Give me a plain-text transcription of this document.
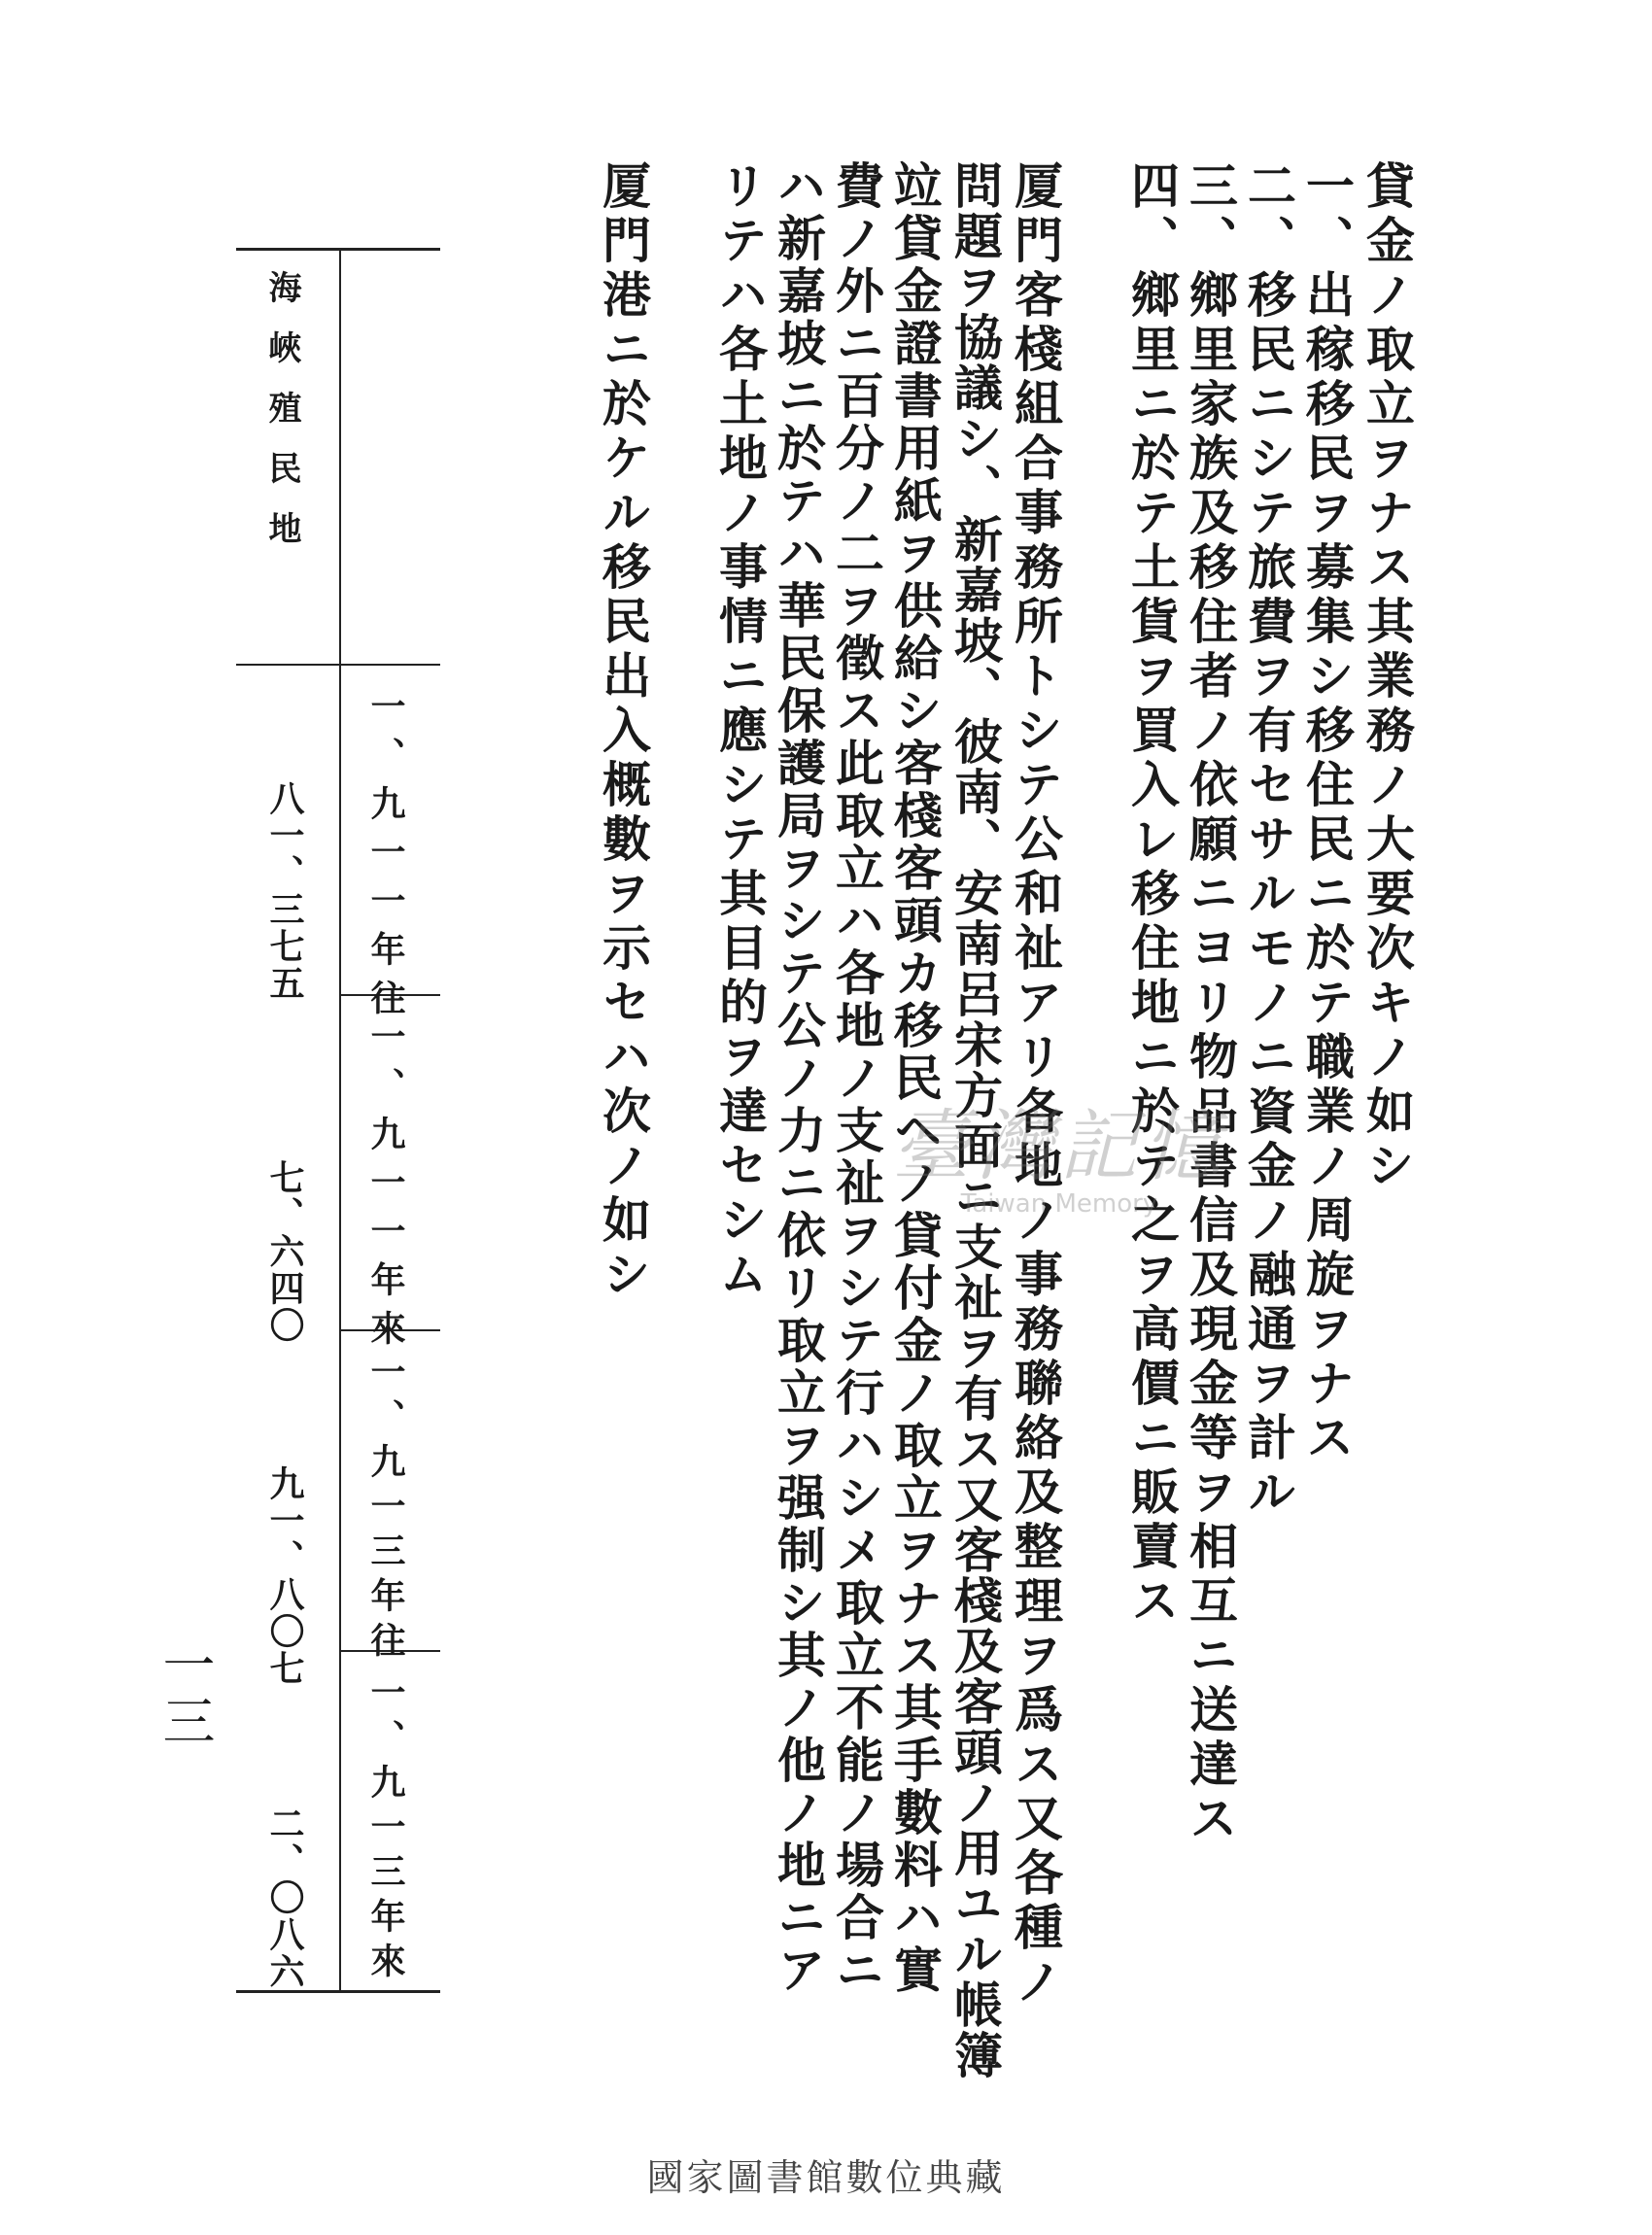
貸金ノ取立ヲナス其業務ノ大要次キノ如シ
一、出稼移民ヲ募集シ移住民ニ於テ職業ノ周旋ヲナス
二、移民ニシテ旅費ヲ有セサルモノニ資金ノ融通ヲ計ル
三、鄉里家族及移住者ノ依願ニヨリ物品書信及現金等ヲ相互ニ送達ス
四、鄉里ニ於テ土貨ヲ買入レ移住地ニ於テ之ヲ高價ニ販賣ス
厦門客棧組合事務所トシテ公和祉アリ各地ノ事務聯絡及整理ヲ爲ス又各種ノ
問題ヲ協議シ、新嘉坡、彼南、安南呂宋方面ニ支祉ヲ有ス又客棧及客頭ノ用ユル帳簿
竝貸金證書用紙ヲ供給シ客棧客頭カ移民ヘノ貸付金ノ取立ヲナス其手數料ハ實
費ノ外ニ百分ノ二ヲ徵ス此取立ハ各地ノ支祉ヲシテ行ハシメ取立不能ノ場合ニ
ハ新嘉坡ニ於テハ華民保護局ヲシテ公ノ力ニ依リ取立ヲ强制シ其ノ他ノ地ニア
リテハ各土地ノ事情ニ應シテ其目的ヲ達セシム
厦門港ニ於ケル移民出入概數ヲ示セハ次ノ如シ
海峽殖民地
一、九一一年往
一、九一一年來
一、九一三年往
一、九一三年來
八一、三七五
七、六四〇
九一、八〇七
二、〇八六
一三
臺灣記憶
Taiwan Memory
國家圖書館數位典藏
